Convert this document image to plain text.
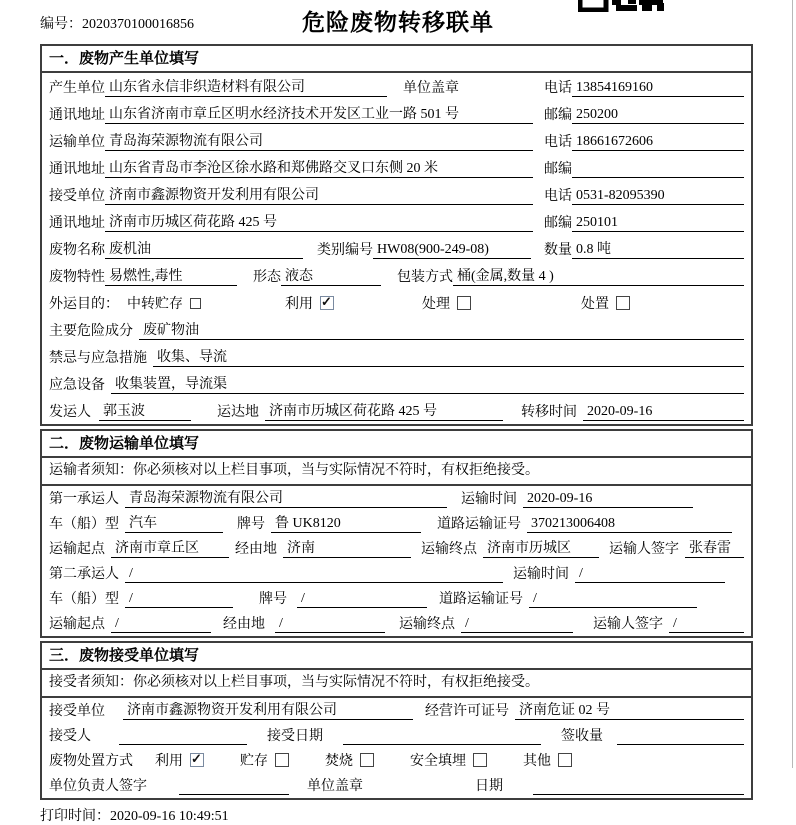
编号：2020370100016856	危险废物转移联单
一．废物产生单位填写
产生单位 山东省永信非织造材料有限公司	单位盖章	电话 13854169160
通讯地址 山东省济南市章丘区明水经济技术开发区工业一路 501 号	邮编 250200
运输单位 青岛海荣源物流有限公司	电话 18661672606
通讯地址 山东省青岛市李沧区徐水路和郑佛路交叉口东侧 20 米	邮编
接受单位 济南市鑫源物资开发利用有限公司	电话 0531-82095390
通讯地址 济南市历城区荷花路 425 号	邮编 250101
废物名称 废机油	类别编号 HW08(900-249-08)	数量 0.8 吨
废物特性 易燃性,毒性	形态 液态	包装方式 桶(金属,数量 4 )
外运目的： 中转贮存	利用 ✓	处理	处置
主要危险成分 废矿物油
禁忌与应急措施 收集、导流
应急设备 收集装置，导流渠
发运人 郭玉波	运达地 济南市历城区荷花路 425 号	转移时间 2020-09-16
二．废物运输单位填写
运输者须知：你必须核对以上栏目事项，当与实际情况不符时，有权拒绝接受。
第一承运人 青岛海荣源物流有限公司	运输时间 2020-09-16
车（船）型 汽车	牌号 鲁 UK8120	道路运输证号 370213006408
运输起点 济南市章丘区	经由地 济南	运输终点 济南市历城区	运输人签字 张春雷
第二承运人 /	运输时间 /
车（船）型 /	牌号 /	道路运输证号 /
运输起点 /	经由地 /	运输终点 /	运输人签字 /
三．废物接受单位填写
接受者须知：你必须核对以上栏目事项，当与实际情况不符时，有权拒绝接受。
接受单位 济南市鑫源物资开发利用有限公司	经营许可证号 济南危证 02 号
接受人	接受日期	签收量
废物处置方式 利用 ✓	贮存	焚烧	安全填埋	其他
单位负责人签字	单位盖章	日期
打印时间：2020-09-16 10:49:51
